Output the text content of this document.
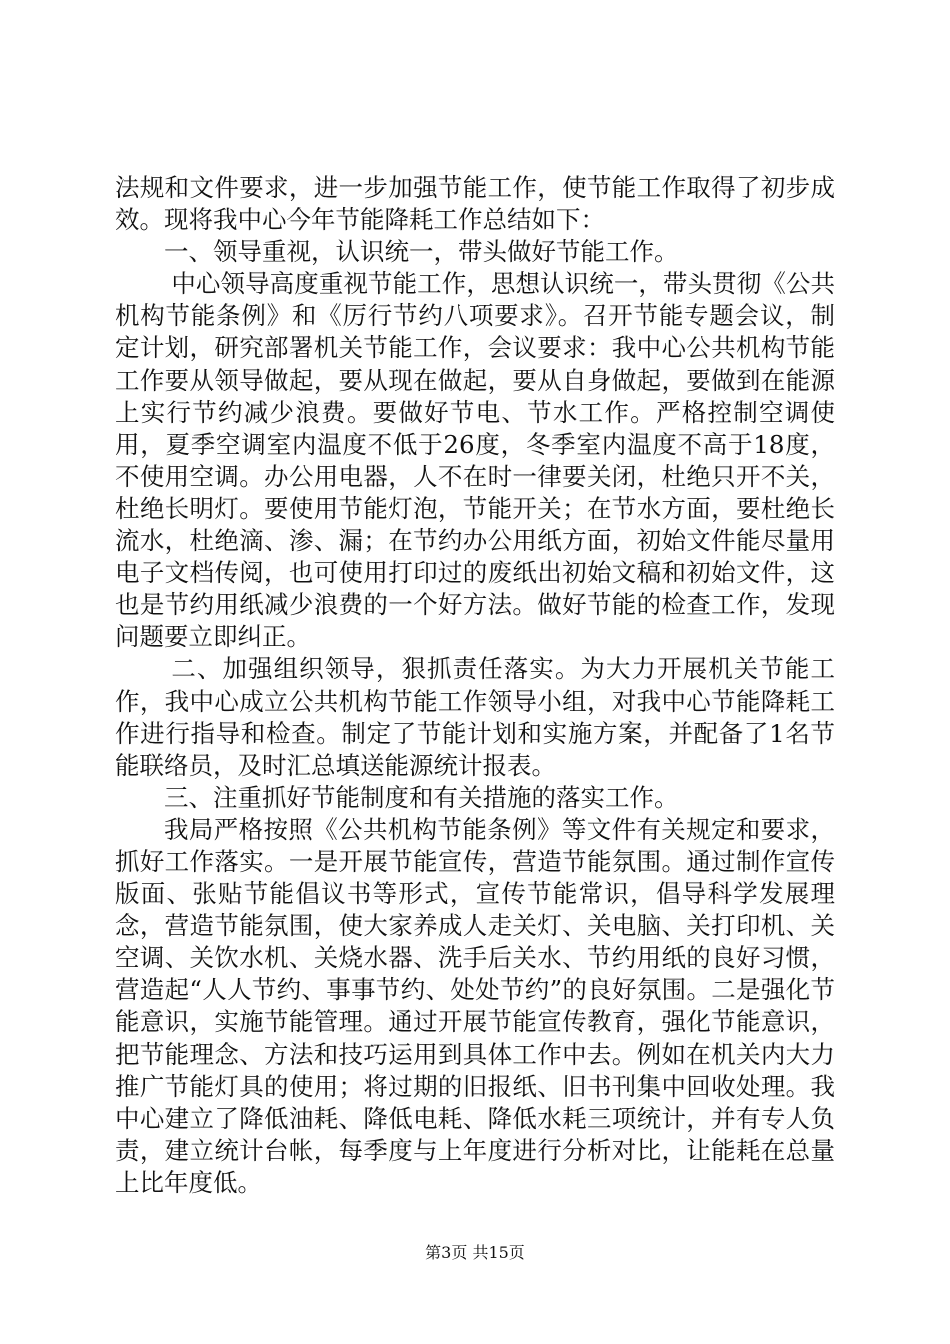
法规和文件要求，进一步加强节能工作，使节能工作取得了初步成效。现将我中心今年节能降耗工作总结如下：

一、领导重视，认识统一，带头做好节能工作。

中心领导高度重视节能工作，思想认识统一，带头贯彻《公共机构节能条例》和《厉行节约八项要求》。召开节能专题会议，制定计划，研究部署机关节能工作，会议要求：我中心公共机构节能工作要从领导做起，要从现在做起，要从自身做起，要做到在能源上实行节约减少浪费。要做好节电、节水工作。严格控制空调使用，夏季空调室内温度不低于26度，冬季室内温度不高于18度，不使用空调。办公用电器，人不在时一律要关闭，杜绝只开不关，杜绝长明灯。要使用节能灯泡，节能开关；在节水方面，要杜绝长流水，杜绝滴、渗、漏；在节约办公用纸方面，初始文件能尽量用电子文档传阅，也可使用打印过的废纸出初始文稿和初始文件，这也是节约用纸减少浪费的一个好方法。做好节能的检查工作，发现问题要立即纠正。

二、加强组织领导，狠抓责任落实。为大力开展机关节能工作，我中心成立公共机构节能工作领导小组，对我中心节能降耗工作进行指导和检查。制定了节能计划和实施方案，并配备了1名节能联络员，及时汇总填送能源统计报表。

三、注重抓好节能制度和有关措施的落实工作。

我局严格按照《公共机构节能条例》等文件有关规定和要求，抓好工作落实。一是开展节能宣传，营造节能氛围。通过制作宣传版面、张贴节能倡议书等形式，宣传节能常识，倡导科学发展理念，营造节能氛围，使大家养成人走关灯、关电脑、关打印机、关空调、关饮水机、关烧水器、洗手后关水、节约用纸的良好习惯，营造起“人人节约、事事节约、处处节约”的良好氛围。二是强化节能意识，实施节能管理。通过开展节能宣传教育，强化节能意识，把节能理念、方法和技巧运用到具体工作中去。例如在机关内大力推广节能灯具的使用；将过期的旧报纸、旧书刊集中回收处理。我中心建立了降低油耗、降低电耗、降低水耗三项统计，并有专人负责，建立统计台帐，每季度与上年度进行分析对比，让能耗在总量上比年度低。

第3页 共15页
